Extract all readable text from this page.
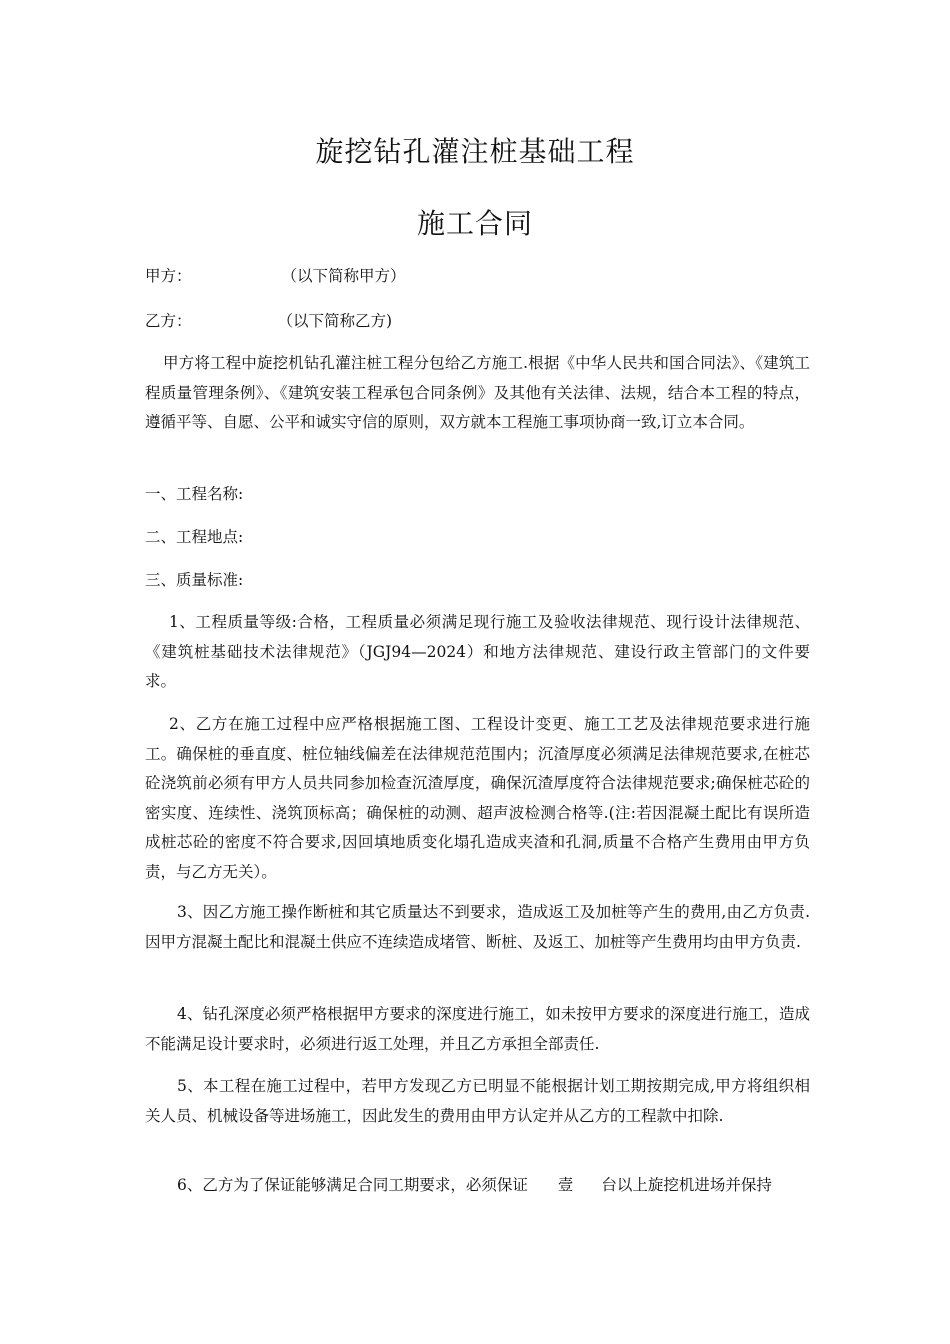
旋挖钻孔灌注桩基础工程
施工合同

甲方：	（以下简称甲方）

乙方：	（以下简称乙方)

甲方将工程中旋挖机钻孔灌注桩工程分包给乙方施工.根据《中华人民共和国合同法》、《建筑工程质量管理条例》、《建筑安装工程承包合同条例》及其他有关法律、法规，结合本工程的特点，遵循平等、自愿、公平和诚实守信的原则，双方就本工程施工事项协商一致,订立本合同。

一、工程名称:

二、工程地点:

三、质量标准:

1、工程质量等级:合格，工程质量必须满足现行施工及验收法律规范、现行设计法律规范、《建筑桩基础技术法律规范》（JGJ94—2024）和地方法律规范、建设行政主管部门的文件要求。

2、乙方在施工过程中应严格根据施工图、工程设计变更、施工工艺及法律规范要求进行施工。确保桩的垂直度、桩位轴线偏差在法律规范范围内；沉渣厚度必须满足法律规范要求,在桩芯砼浇筑前必须有甲方人员共同参加检查沉渣厚度，确保沉渣厚度符合法律规范要求;确保桩芯砼的密实度、连续性、浇筑顶标高；确保桩的动测、超声波检测合格等.(注:若因混凝土配比有误所造成桩芯砼的密度不符合要求,因回填地质变化塌孔造成夹渣和孔洞,质量不合格产生费用由甲方负责，与乙方无关）。

3、因乙方施工操作断桩和其它质量达不到要求，造成返工及加桩等产生的费用,由乙方负责.因甲方混凝土配比和混凝土供应不连续造成堵管、断桩、及返工、加桩等产生费用均由甲方负责.

4、钻孔深度必须严格根据甲方要求的深度进行施工，如未按甲方要求的深度进行施工，造成不能满足设计要求时，必须进行返工处理，并且乙方承担全部责任.

5、本工程在施工过程中，若甲方发现乙方已明显不能根据计划工期按期完成,甲方将组织相关人员、机械设备等进场施工，因此发生的费用由甲方认定并从乙方的工程款中扣除.

6、乙方为了保证能够满足合同工期要求，必须保证 壹 台以上旋挖机进场并保持
